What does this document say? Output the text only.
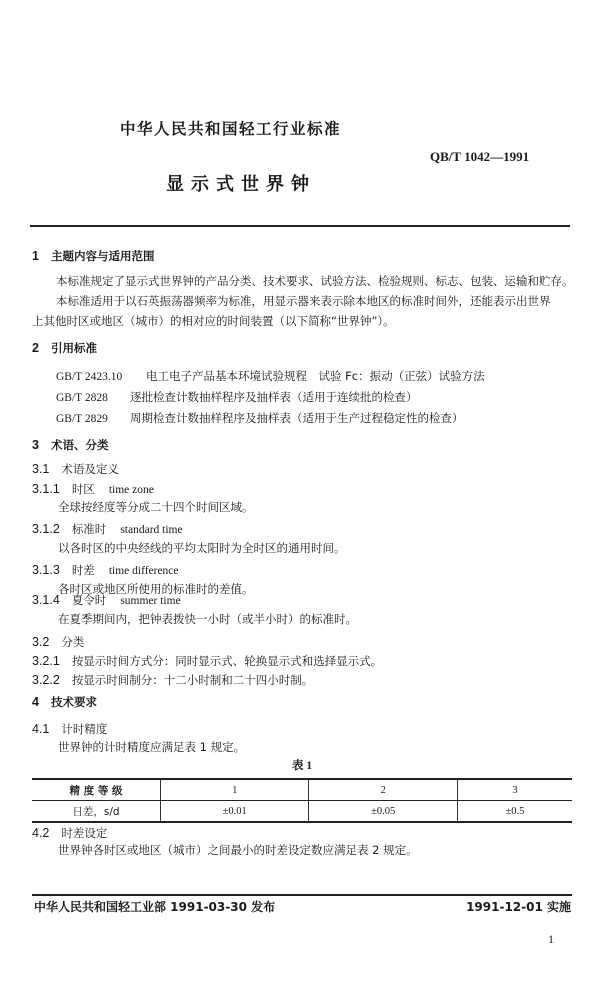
中华人民共和国轻工行业标准
QB/T 1042—1991
显示式世界钟
1 主题内容与适用范围
本标准规定了显示式世界钟的产品分类、技术要求、试验方法、检验规则、标志、包装、运输和贮存。
本标准适用于以石英振荡器频率为标准，用显示器来表示除本地区的标准时间外，还能表示出世界
上其他时区或地区（城市）的相对应的时间装置（以下简称“世界钟”）。
2 引用标准
GB/T 2423.10 电工电子产品基本环境试验规程　试验 Fc：振动（正弦）试验方法
GB/T 2828 逐批检查计数抽样程序及抽样表（适用于连续批的检查）
GB/T 2829 周期检查计数抽样程序及抽样表（适用于生产过程稳定性的检查）
3 术语、分类
3.1 术语及定义
3.1.1 时区 time zone
全球按经度等分成二十四个时间区域。
3.1.2 标准时 standard time
以各时区的中央经线的平均太阳时为全时区的通用时间。
3.1.3 时差 time difference
各时区或地区所使用的标准时的差值。
3.1.4 夏令时 summer time
在夏季期间内，把钟表拨快一小时（或半小时）的标准时。
3.2 分类
3.2.1 按显示时间方式分：同时显示式、轮换显示式和选择显示式。
3.2.2 按显示时间制分：十二小时制和二十四小时制。
4 技术要求
4.1 计时精度
世界钟的计时精度应满足表 1 规定。
表 1
精 度 等 级	1	2	3
日差，s/d	±0.01	±0.05	±0.5
4.2 时差设定
世界钟各时区或地区（城市）之间最小的时差设定数应满足表 2 规定。
中华人民共和国轻工业部 1991-03-30 发布	1991-12-01 实施
1
